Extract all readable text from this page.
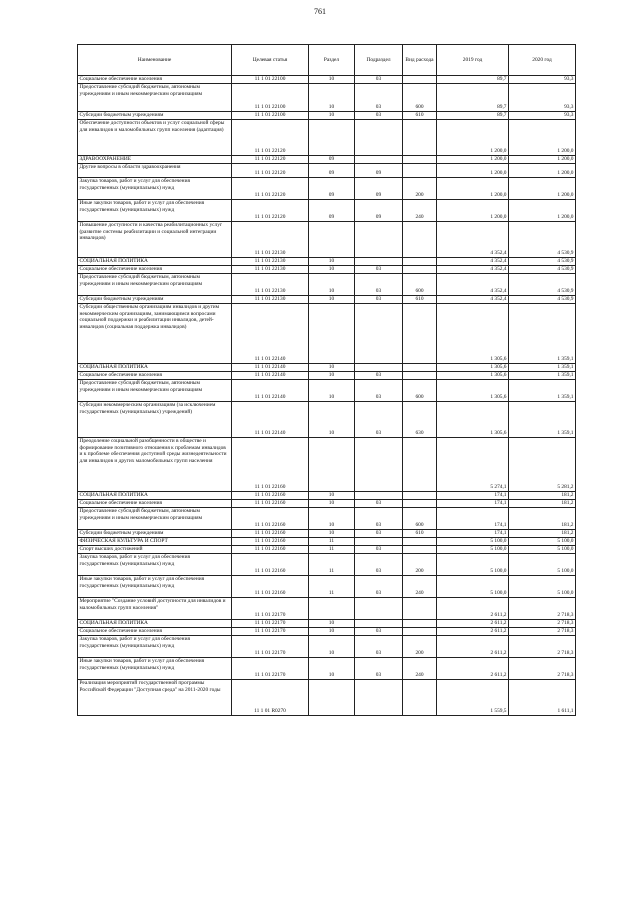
761
Наименование	Целевая статья	Раздел	Подраздел	Вид расхода	2019 год	2020 год
Социальное обеспечение населения	11 1 01 22100	10	03		89,7	93,3
Предоставление субсидий бюджетным, автономным учреждениям и иным некоммерческим организациям	11 1 01 22100	10	03	600	89,7	93,3
Субсидии бюджетным учреждениям	11 1 01 22100	10	03	610	89,7	93,3
Обеспечение доступности объектов и услуг социальной сферы для инвалидов и маломобильных групп населения (адаптация)	11 1 01 22120				1 200,0	1 200,0
ЗДРАВООХРАНЕНИЕ	11 1 01 22120	09			1 200,0	1 200,0
Другие вопросы в области здравоохранения	11 1 01 22120	09	09		1 200,0	1 200,0
Закупка товаров, работ и услуг для обеспечения государственных (муниципальных) нужд	11 1 01 22120	09	09	200	1 200,0	1 200,0
Иные закупки товаров, работ и услуг для обеспечения государственных (муниципальных) нужд	11 1 01 22120	09	09	240	1 200,0	1 200,0
Повышение доступности и качества реабилитационных услуг (развитие системы реабилитации и социальной интеграции инвалидов)	11 1 01 22130				4 352,4	4 530,9
СОЦИАЛЬНАЯ ПОЛИТИКА	11 1 01 22130	10			4 352,4	4 530,9
Социальное обеспечение населения	11 1 01 22130	10	03		4 352,4	4 530,9
Предоставление субсидий бюджетным, автономным учреждениям и иным некоммерческим организациям	11 1 01 22130	10	03	600	4 352,4	4 530,9
Субсидии бюджетным учреждениям	11 1 01 22130	10	03	610	4 352,4	4 530,9
Субсидии общественным организациям инвалидов и другим некоммерческим организациям, занимающимся вопросами социальной поддержки и реабилитации инвалидов, детей-инвалидов (социальная поддержка инвалидов)	11 1 01 22140				1 305,6	1 359,1
СОЦИАЛЬНАЯ ПОЛИТИКА	11 1 01 22140	10			1 305,6	1 359,1
Социальное обеспечение населения	11 1 01 22140	10	03		1 305,6	1 359,1
Предоставление субсидий бюджетным, автономным учреждениям и иным некоммерческим организациям	11 1 01 22140	10	03	600	1 305,6	1 359,1
Субсидии некоммерческим организациям (за исключением государственных (муниципальных) учреждений)	11 1 01 22140	10	03	630	1 305,6	1 359,1
Преодоление социальной разобщенности в обществе и формирование позитивного отношения к проблемам инвалидов и к проблеме обеспечения доступной среды жизнедеятельности для инвалидов и других маломобильных групп населения	11 1 01 22160				5 274,1	5 281,2
СОЦИАЛЬНАЯ ПОЛИТИКА	11 1 01 22160	10			174,1	181,2
Социальное обеспечение населения	11 1 01 22160	10	03		174,1	181,2
Предоставление субсидий бюджетным, автономным учреждениям и иным некоммерческим организациям	11 1 01 22160	10	03	600	174,1	181,2
Субсидии бюджетным учреждениям	11 1 01 22160	10	03	610	174,1	181,2
ФИЗИЧЕСКАЯ КУЛЬТУРА И СПОРТ	11 1 01 22160	11			5 100,0	5 100,0
Спорт высших достижений	11 1 01 22160	11	03		5 100,0	5 100,0
Закупка товаров, работ и услуг для обеспечения государственных (муниципальных) нужд	11 1 01 22160	11	03	200	5 100,0	5 100,0
Иные закупки товаров, работ и услуг для обеспечения государственных (муниципальных) нужд	11 1 01 22160	11	03	240	5 100,0	5 100,0
Мероприятие "Создание условий доступности для инвалидов и маломобильных групп населения"	11 1 01 22170				2 611,2	2 718,3
СОЦИАЛЬНАЯ ПОЛИТИКА	11 1 01 22170	10			2 611,2	2 718,3
Социальное обеспечение населения	11 1 01 22170	10	03		2 611,2	2 718,3
Закупка товаров, работ и услуг для обеспечения государственных (муниципальных) нужд	11 1 01 22170	10	03	200	2 611,2	2 718,3
Иные закупки товаров, работ и услуг для обеспечения государственных (муниципальных) нужд	11 1 01 22170	10	03	240	2 611,2	2 718,3
Реализация мероприятий государственной программы Российской Федерации "Доступная среда" на 2011-2020 годы	11 1 01 R0270				1 559,5	1 611,1
